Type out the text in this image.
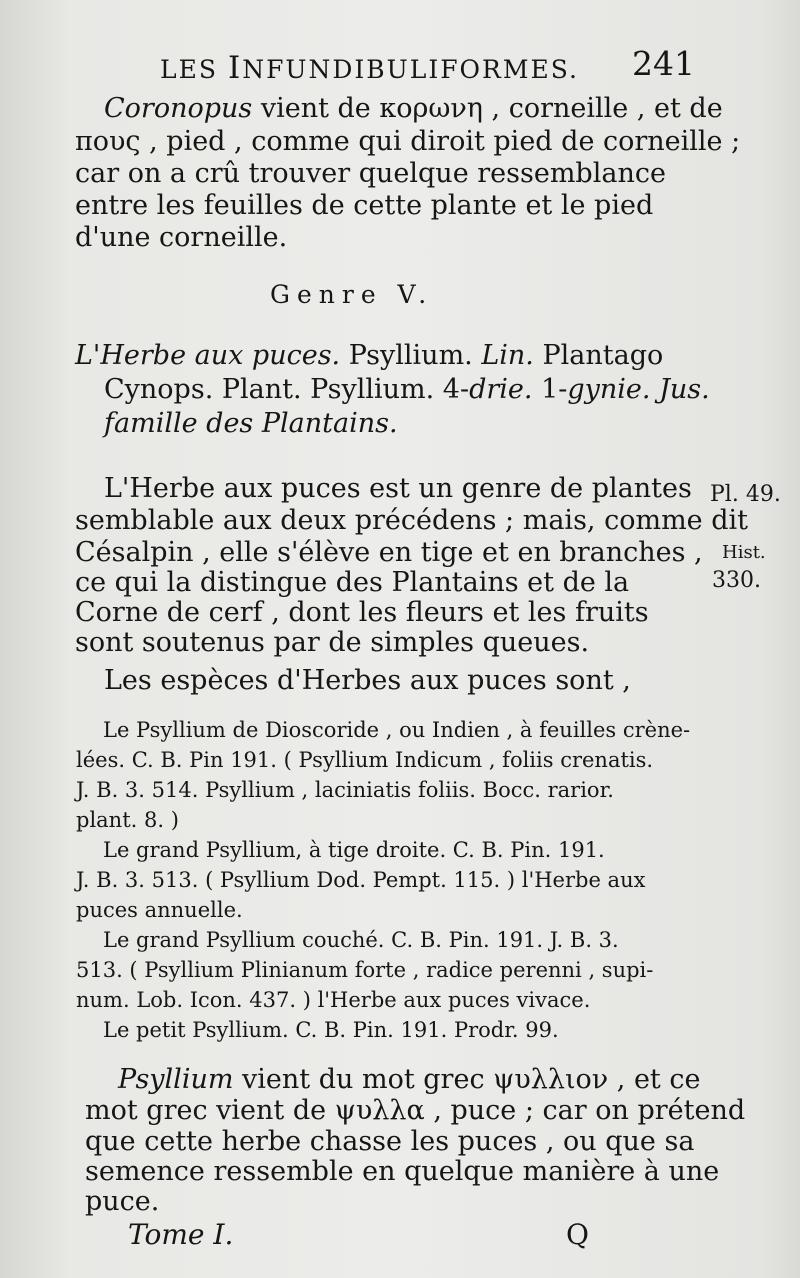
LES INFUNDIBULIFORMES. 241
Coronopus vient de κορωνη , corneille , et de
πους , pied , comme qui diroit pied de corneille ;
car on a crû trouver quelque ressemblance
entre les feuilles de cette plante et le pied
d'une corneille.
Genre V.
L'Herbe aux puces. Psyllium. Lin. Plantago
Cynops. Plant. Psyllium. 4-drie. 1-gynie. Jus.
famille des Plantains.
L'Herbe aux puces est un genre de plantes
semblable aux deux précédens ; mais, comme dit
Césalpin , elle s'élève en tige et en branches ,
ce qui la distingue des Plantains et de la
Corne de cerf , dont les fleurs et les fruits
sont soutenus par de simples queues.
Pl. 49.
Hist.
330.
Les espèces d'Herbes aux puces sont ,
Le Psyllium de Dioscoride , ou Indien , à feuilles crène-
lées. C. B. Pin 191. ( Psyllium Indicum , foliis crenatis.
J. B. 3. 514. Psyllium , laciniatis foliis. Bocc. rarior.
plant. 8. )
Le grand Psyllium, à tige droite. C. B. Pin. 191.
J. B. 3. 513. ( Psyllium Dod. Pempt. 115. ) l'Herbe aux
puces annuelle.
Le grand Psyllium couché. C. B. Pin. 191. J. B. 3.
513. ( Psyllium Plinianum forte , radice perenni , supi-
num. Lob. Icon. 437. ) l'Herbe aux puces vivace.
Le petit Psyllium. C. B. Pin. 191. Prodr. 99.
Psyllium vient du mot grec ψυλλιον , et ce
mot grec vient de ψυλλα , puce ; car on prétend
que cette herbe chasse les puces , ou que sa
semence ressemble en quelque manière à une
puce.
Tome I.	Q
